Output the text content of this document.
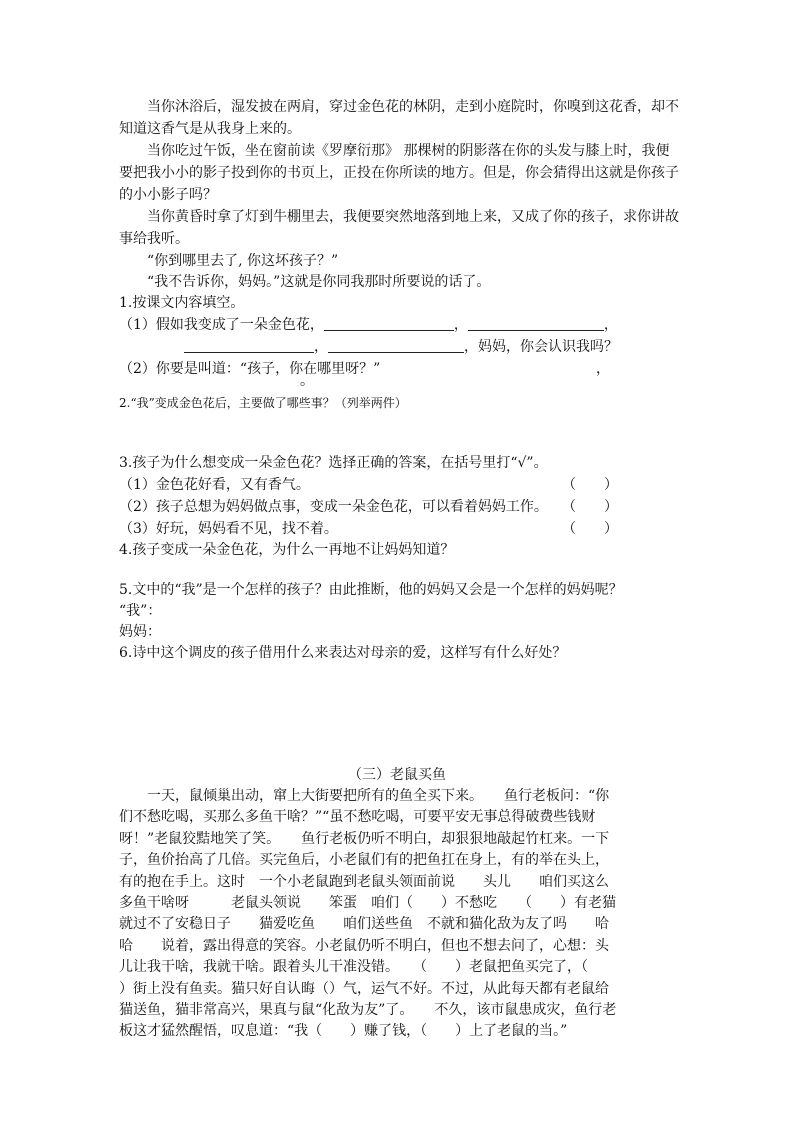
当你沐浴后，湿发披在两肩，穿过金色花的林阴，走到小庭院时，你嗅到这花香，却不
知道这香气是从我身上来的。
当你吃过午饭，坐在窗前读《罗摩衍那》 那棵树的阴影落在你的头发与膝上时，我便
要把我小小的影子投到你的书页上，正投在你所读的地方。但是，你会猜得出这就是你孩子
的小小影子吗？
当你黄昏时拿了灯到牛棚里去，我便要突然地落到地上来，又成了你的孩子，求你讲故
事给我听。
“你到哪里去了, 你这坏孩子？”
“我不告诉你，妈妈。”这就是你同我那时所要说的话了。
1.按课文内容填空。
（1）假如我变成了一朵金色花，	，	，
，	，妈妈，你会认识我吗？
（2）你要是叫道：“孩子，你在哪里呀？”	，
。
2.“我”变成金色花后，主要做了哪些事？（列举两件）
3.孩子为什么想变成一朵金色花？选择正确的答案，在括号里打“√”。
（1）金色花好看，又有香气。	（　　）
（2）孩子总想为妈妈做点事，变成一朵金色花，可以看着妈妈工作。 （　　）
（3）好玩，妈妈看不见，找不着。	（　　）
4.孩子变成一朵金色花，为什么一再地不让妈妈知道？
5.文中的“我”是一个怎样的孩子？由此推断，他的妈妈又会是一个怎样的妈妈呢？
“我”：
妈妈：
6.诗中这个调皮的孩子借用什么来表达对母亲的爱，这样写有什么好处？
（三）老鼠买鱼
一天，鼠倾巢出动，窜上大街要把所有的鱼全买下来。　　鱼行老板问：“你们不愁吃喝，买那么多鱼干啥？”“虽不愁吃喝，可要平安无事总得破费些钱财呀！”老鼠狡黠地笑了笑。　　鱼行老板仍听不明白，却狠狠地敲起竹杠来。一下子，鱼价抬高了几倍。买完鱼后，小老鼠们有的把鱼扛在身上，有的举在头上，有的抱在手上。这时　一个小老鼠跑到老鼠头领面前说　　头儿　　咱们买这么多鱼干啥呀　　　老鼠头领说　　笨蛋　咱们（　　）不愁吃　　（　　）有老猫就过不了安稳日子　　猫爱吃鱼　　咱们送些鱼　不就和猫化敌为友了吗　　哈哈　　说着，露出得意的笑容。小老鼠仍听不明白，但也不想去问了，心想：头儿让我干啥，我就干啥。跟着头儿干准没错。　　（　　）老鼠把鱼买完了，（　　）街上没有鱼卖。猫只好自认晦（）气，运气不好。不过，从此每天都有老鼠给猫送鱼，猫非常高兴，果真与鼠“化敌为友”了。　　不久，该市鼠患成灾，鱼行老板这才猛然醒悟，叹息道：“我（　　）赚了钱，（　　）上了老鼠的当。”
